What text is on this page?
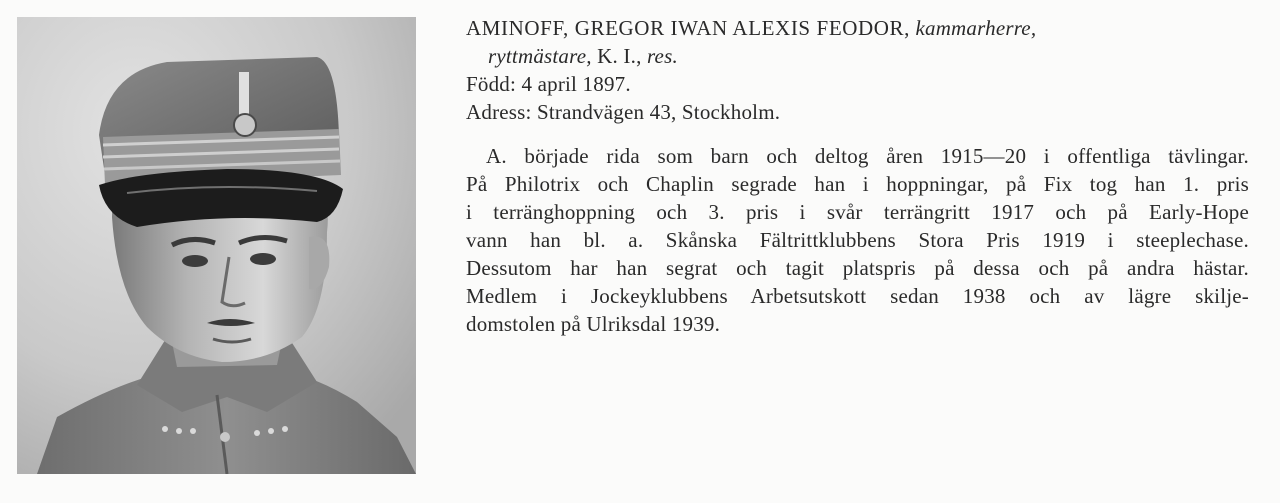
AMINOFF, GREGOR IWAN ALEXIS FEODOR, kammarherre,
ryttmästare, K. I., res.
Född: 4 april 1897.
Adress: Strandvägen 43, Stockholm.
A. började rida som barn och deltog åren 1915—20 i offentliga tävlingar.
På Philotrix och Chaplin segrade han i hoppningar, på Fix tog han 1. pris
i terränghoppning och 3. pris i svår terrängritt 1917 och på Early-Hope
vann han bl. a. Skånska Fältrittklubbens Stora Pris 1919 i steeplechase.
Dessutom har han segrat och tagit platspris på dessa och på andra hästar.
Medlem i Jockeyklubbens Arbetsutskott sedan 1938 och av lägre skilje-
domstolen på Ulriksdal 1939.
